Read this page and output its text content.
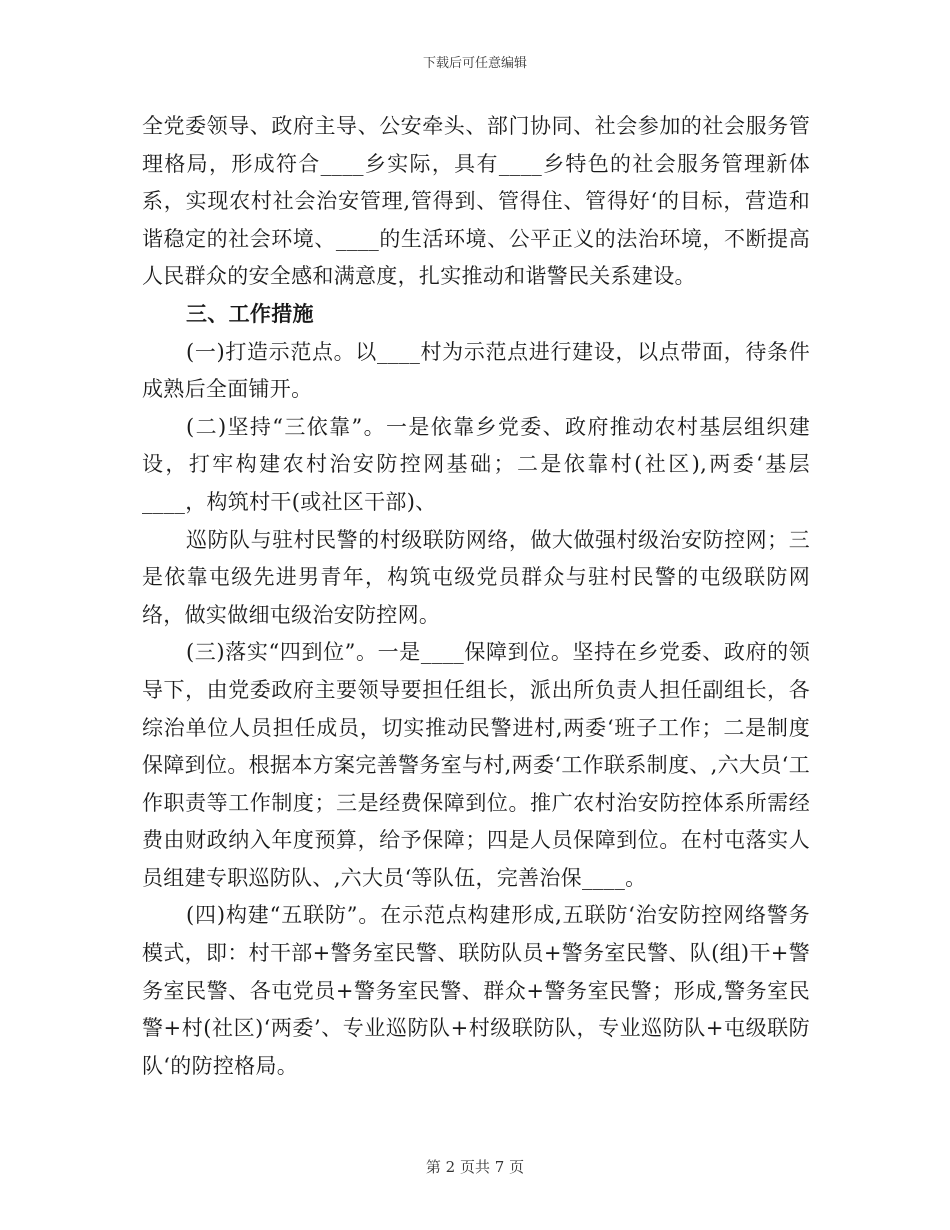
下载后可任意编辑

全党委领导、政府主导、公安牵头、部门协同、社会参加的社会服务管理格局，形成符合____乡实际，具有____乡特色的社会服务管理新体系，实现农村社会治安管理,管得到、管得住、管得好‘的目标，营造和谐稳定的社会环境、____的生活环境、公平正义的法治环境，不断提高人民群众的安全感和满意度，扎实推动和谐警民关系建设。

三、工作措施

(一)打造示范点。以____村为示范点进行建设，以点带面，待条件成熟后全面铺开。

(二)坚持“三依靠”。一是依靠乡党委、政府推动农村基层组织建设，打牢构建农村治安防控网基础；二是依靠村(社区),两委‘基层____，构筑村干(或社区干部)、

巡防队与驻村民警的村级联防网络，做大做强村级治安防控网；三是依靠屯级先进男青年，构筑屯级党员群众与驻村民警的屯级联防网络，做实做细屯级治安防控网。

(三)落实“四到位”。一是____保障到位。坚持在乡党委、政府的领导下，由党委政府主要领导要担任组长，派出所负责人担任副组长，各综治单位人员担任成员，切实推动民警进村,两委‘班子工作；二是制度保障到位。根据本方案完善警务室与村,两委‘工作联系制度、,六大员‘工作职责等工作制度；三是经费保障到位。推广农村治安防控体系所需经费由财政纳入年度预算，给予保障；四是人员保障到位。在村屯落实人员组建专职巡防队、,六大员‘等队伍，完善治保____。

(四)构建“五联防”。在示范点构建形成,五联防‘治安防控网络警务模式，即：村干部+警务室民警、联防队员+警务室民警、队(组)干+警务室民警、各屯党员+警务室民警、群众+警务室民警；形成,警务室民警+村(社区)‘两委’、专业巡防队+村级联防队，专业巡防队+屯级联防队‘的防控格局。

第 2 页共 7 页
